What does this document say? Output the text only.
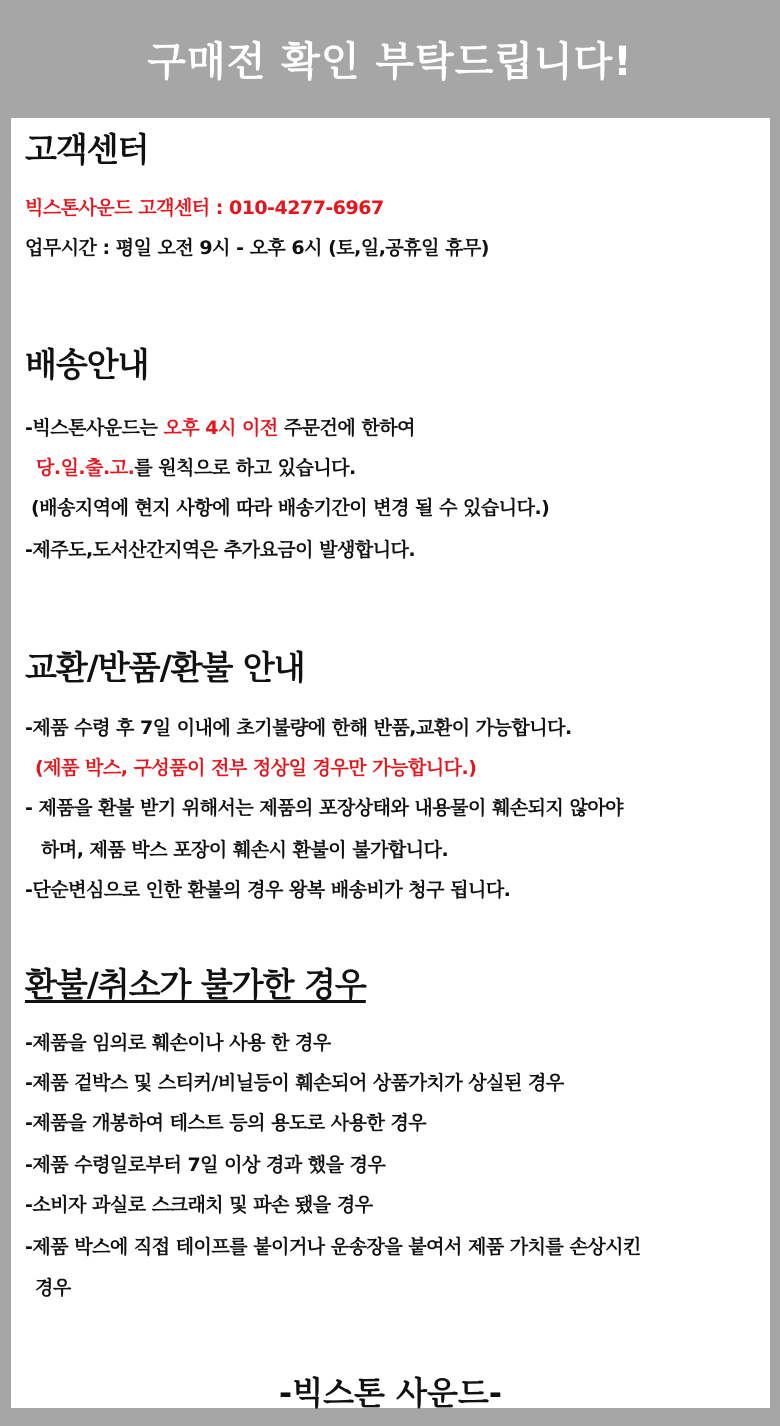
구매전 확인 부탁드립니다!
고객센터
빅스톤사운드 고객센터 : 010-4277-6967
업무시간 : 평일 오전 9시 - 오후 6시 (토,일,공휴일 휴무)
배송안내
-빅스톤사운드는 오후 4시 이전 주문건에 한하여
당.일.출.고.를 원칙으로 하고 있습니다.
(배송지역에 현지 사항에 따라 배송기간이 변경 될 수 있습니다.)
-제주도,도서산간지역은 추가요금이 발생합니다.
교환/반품/환불 안내
-제품 수령 후 7일 이내에 초기불량에 한해 반품,교환이 가능합니다.
(제품 박스, 구성품이 전부 정상일 경우만 가능합니다.)
- 제품을 환불 받기 위해서는 제품의 포장상태와 내용물이 훼손되지 않아야
하며, 제품 박스 포장이 훼손시 환불이 불가합니다.
-단순변심으로 인한 환불의 경우 왕복 배송비가 청구 됩니다.
환불/취소가 불가한 경우
-제품을 임의로 훼손이나 사용 한 경우
-제품 겉박스 및 스티커/비닐등이 훼손되어 상품가치가 상실된 경우
-제품을 개봉하여 테스트 등의 용도로 사용한 경우
-제품 수령일로부터 7일 이상 경과 했을 경우
-소비자 과실로 스크래치 및 파손 됐을 경우
-제품 박스에 직접 테이프를 붙이거나 운송장을 붙여서 제품 가치를 손상시킨
경우
-빅스톤 사운드-
